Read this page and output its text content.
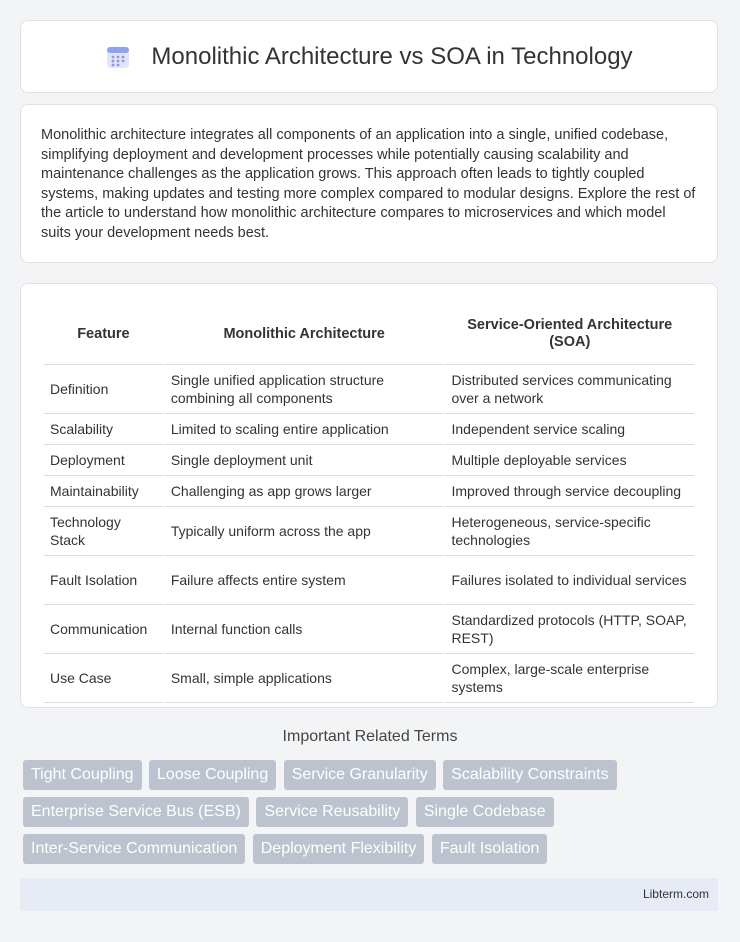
Monolithic Architecture vs SOA in Technology

Monolithic architecture integrates all components of an application into a single, unified codebase, simplifying deployment and development processes while potentially causing scalability and maintenance challenges as the application grows. This approach often leads to tightly coupled systems, making updates and testing more complex compared to modular designs. Explore the rest of the article to understand how monolithic architecture compares to microservices and which model suits your development needs best.

Feature	Monolithic Architecture	Service-Oriented Architecture (SOA)
Definition	Single unified application structure combining all components	Distributed services communicating over a network
Scalability	Limited to scaling entire application	Independent service scaling
Deployment	Single deployment unit	Multiple deployable services
Maintainability	Challenging as app grows larger	Improved through service decoupling
Technology Stack	Typically uniform across the app	Heterogeneous, service-specific technologies
Fault Isolation	Failure affects entire system	Failures isolated to individual services
Communication	Internal function calls	Standardized protocols (HTTP, SOAP, REST)
Use Case	Small, simple applications	Complex, large-scale enterprise systems
Important Related Terms
Tight Coupling Loose Coupling Service Granularity Scalability Constraints
Enterprise Service Bus (ESB) Service Reusability Single Codebase
Inter-Service Communication Deployment Flexibility Fault Isolation
Libterm.com
